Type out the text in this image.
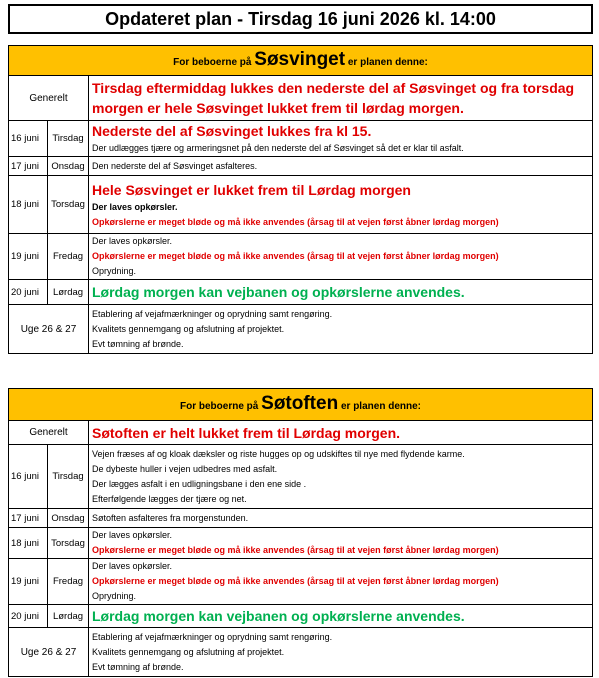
Opdateret plan - Tirsdag 16 juni 2026 kl. 14:00
For beboerne på Søsvinget er planen denne:		
Generelt		Tirsdag eftermiddag lukkes den nederste del af Søsvinget og fra torsdag morgen er hele Søsvinget lukket frem til lørdag morgen.
16 juni	Tirsdag	Nederste del af Søsvinget lukkes fra kl 15.
Der udlægges tjære og armeringsnet på den nederste del af Søsvinget så det er klar til asfalt.

17 juni	Onsdag	Den nederste del af Søsvinget asfalteres.

18 juni	Torsdag	Hele Søsvinget er lukket frem til Lørdag morgen
Der laves opkørsler.
Opkørslerne er meget bløde og må ikke anvendes (årsag til at vejen først åbner lørdag morgen)

19 juni	Fredag	Der laves opkørsler.
Opkørslerne er meget bløde og må ikke anvendes (årsag til at vejen først åbner lørdag morgen)
Oprydning.

20 juni	Lørdag	Lørdag morgen kan vejbanen og opkørslerne anvendes.

Uge 26 & 27		Etablering af vejafmærkninger og oprydning samt rengøring.
Kvalitets gennemgang og afslutning af projektet.
Evt tømning af brønde.
For beboerne på Søtoften er planen denne:		
Generelt		Søtoften er helt lukket frem til Lørdag morgen.
16 juni	Tirsdag	Vejen fræses af og kloak dæksler og riste hugges op og udskiftes til nye med flydende karme.
De dybeste huller i vejen udbedres med asfalt.
Der lægges asfalt i en udligningsbane i den ene side .
Efterfølgende lægges der tjære og net.

17 juni	Onsdag	Søtoften asfalteres fra morgenstunden.

18 juni	Torsdag	Der laves opkørsler.
Opkørslerne er meget bløde og må ikke anvendes (årsag til at vejen først åbner lørdag morgen)

19 juni	Fredag	Der laves opkørsler.
Opkørslerne er meget bløde og må ikke anvendes (årsag til at vejen først åbner lørdag morgen)
Oprydning.

20 juni	Lørdag	Lørdag morgen kan vejbanen og opkørslerne anvendes.

Uge 26 & 27		Etablering af vejafmærkninger og oprydning samt rengøring.
Kvalitets gennemgang og afslutning af projektet.
Evt tømning af brønde.
